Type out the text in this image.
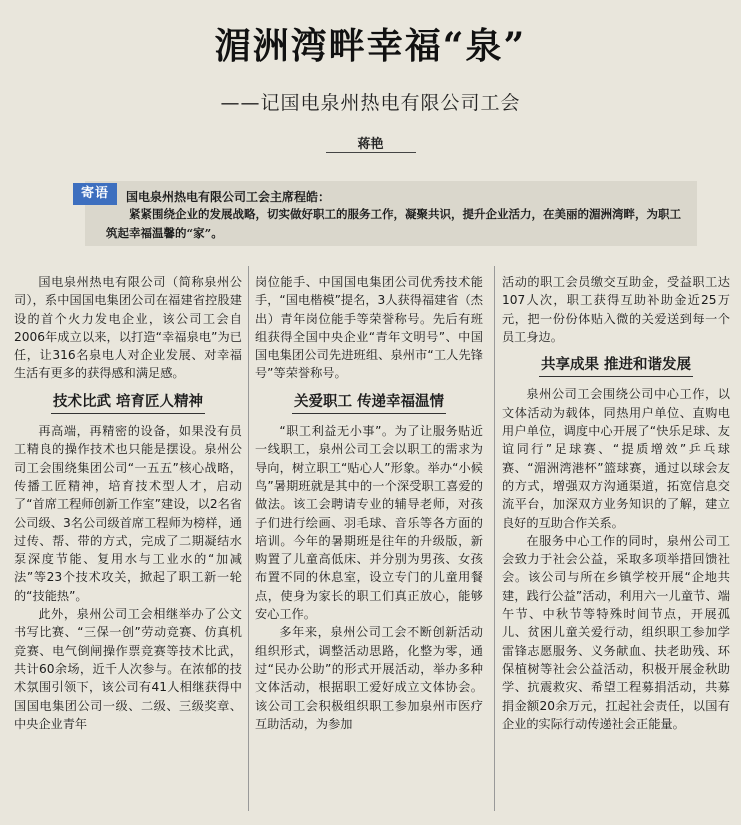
湄洲湾畔幸福“泉”
——记国电泉州热电有限公司工会
蒋艳
寄语	国电泉州热电有限公司工会主席程皓：
紧紧围绕企业的发展战略，切实做好职工的服务工作，凝聚共识，提升企业活力，在美丽的湄洲湾畔，为职工筑起幸福温馨的“家”。

国电泉州热电有限公司（简称泉州公司），系中国国电集团公司在福建省控股建设的首个火力发电企业，该公司工会自2006年成立以来，以打造“幸福泉电”为已任，让316名泉电人对企业发展、对幸福生活有更多的获得感和满足感。

技术比武 培育匠人精神

再高端，再精密的设备，如果没有员工精良的操作技术也只能是摆设。泉州公司工会围绕集团公司“一五五”核心战略，传播工匠精神，培育技术型人才，启动了“首席工程师创新工作室”建设，以2名省公司级、3名公司级首席工程师为榜样，通过传、帮、带的方式，完成了二期凝结水泵深度节能、复用水与工业水的“加减法”等23个技术攻关，掀起了职工新一轮的“技能热”。

此外，泉州公司工会相继举办了公文书写比赛、“三保一创”劳动竞赛、仿真机竞赛、电气倒闸操作票竞赛等技术比武，共计60余场，近千人次参与。在浓郁的技术氛围引领下，该公司有41人相继获得中国国电集团公司一级、二级、三级奖章、中央企业青年

岗位能手、中国国电集团公司优秀技术能手，“国电楷模”提名，3人获得福建省（杰出）青年岗位能手等荣誉称号。先后有班组获得全国中央企业“青年文明号”、中国国电集团公司先进班组、泉州市“工人先锋号”等荣誉称号。

关爱职工 传递幸福温情

“职工利益无小事”。为了让服务贴近一线职工，泉州公司工会以职工的需求为导向，树立职工“贴心人”形象。举办“小候鸟”暑期班就是其中的一个深受职工喜爱的做法。该工会聘请专业的辅导老师，对孩子们进行绘画、羽毛球、音乐等各方面的培训。今年的暑期班是往年的升级版，新购置了儿童高低床、并分别为男孩、女孩布置不同的休息室，设立专门的儿童用餐点，使身为家长的职工们真正放心，能够安心工作。

多年来，泉州公司工会不断创新活动组织形式，调整活动思路，化整为零，通过“民办公助”的形式开展活动，举办多种文体活动，根据职工爱好成立文体协会。该公司工会积极组织职工参加泉州市医疗互助活动，为参加

活动的职工会员缴交互助金，受益职工达107人次，职工获得互助补助金近25万元，把一份份体贴入微的关爱送到每一个员工身边。

共享成果 推进和谐发展

泉州公司工会围绕公司中心工作，以文体活动为载体，同热用户单位、直购电用户单位，调度中心开展了“快乐足球、友谊同行”足球赛、“提质增效”乒乓球赛、“湄洲湾港杯”篮球赛，通过以球会友的方式，增强双方沟通渠道，拓宽信息交流平台，加深双方业务知识的了解，建立良好的互助合作关系。

在服务中心工作的同时，泉州公司工会致力于社会公益，采取多项举措回馈社会。该公司与所在乡镇学校开展“企地共建，践行公益”活动，利用六一儿童节、端午节、中秋节等特殊时间节点，开展孤儿、贫困儿童关爱行动，组织职工参加学雷锋志愿服务、义务献血、扶老助残、环保植树等社会公益活动，积极开展金秋助学、抗震救灾、希望工程募捐活动，共募捐金额20余万元，扛起社会责任，以国有企业的实际行动传递社会正能量。
